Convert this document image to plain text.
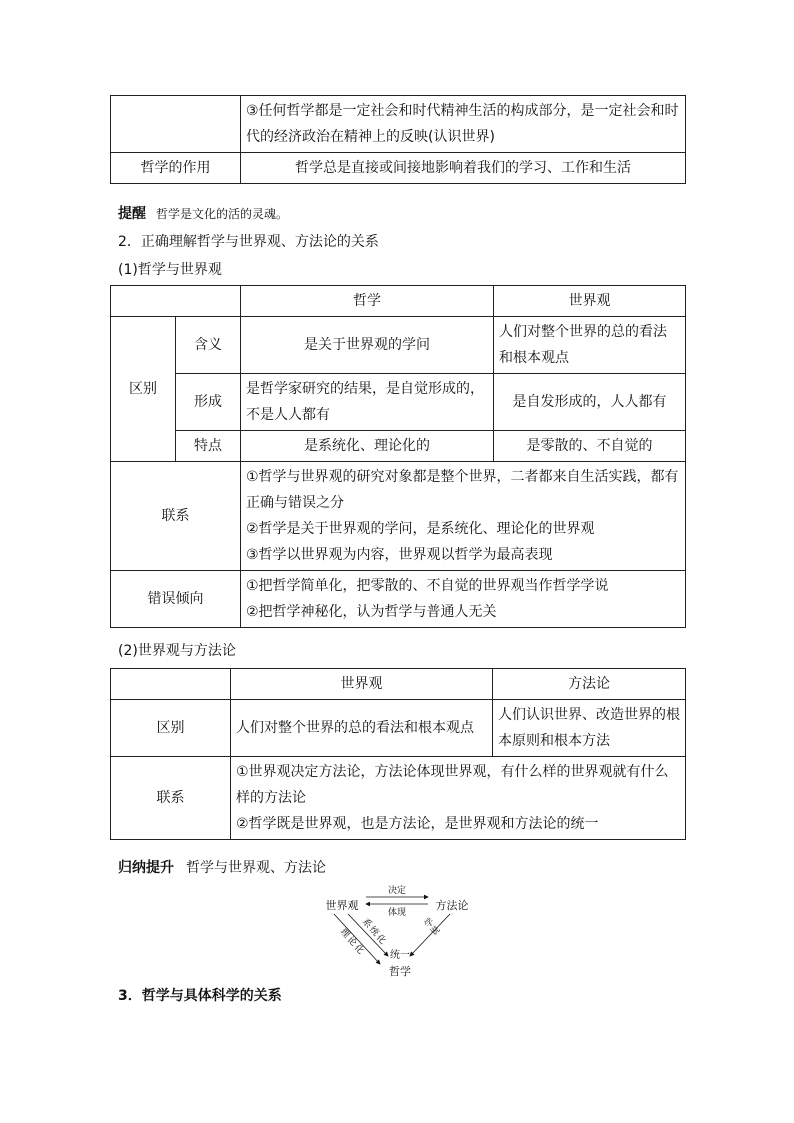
	③任何哲学都是一定社会和时代精神生活的构成部分，是一定社会和时代的经济政治在精神上的反映(认识世界)
哲学的作用	哲学总是直接或间接地影响着我们的学习、工作和生活
提醒 哲学是文化的活的灵魂。
2．正确理解哲学与世界观、方法论的关系
(1)哲学与世界观
		哲学	世界观
区别	含义	是关于世界观的学问	人们对整个世界的总的看法和根本观点
	形成	是哲学家研究的结果，是自觉形成的，不是人人都有	是自发形成的，人人都有
	特点	是系统化、理论化的	是零散的、不自觉的
联系		①哲学与世界观的研究对象都是整个世界，二者都来自生活实践，都有正确与错误之分
②哲学是关于世界观的学问，是系统化、理论化的世界观
③哲学以世界观为内容，世界观以哲学为最高表现	

错误倾向		①把哲学简单化，把零散的、不自觉的世界观当作哲学学说
②把哲学神秘化，认为哲学与普通人无关	
(2)世界观与方法论
	世界观	方法论
区别	人们对整个世界的总的看法和根本观点	人们认识世界、改造世界的根本原则和根本方法
联系	①世界观决定方法论，方法论体现世界观，有什么样的世界观就有什么样的方法论
②哲学既是世界观，也是方法论，是世界观和方法论的统一	
归纳提升 哲学与世界观、方法论
世界观	方法论
哲学
决定
体现
系
统
化
理
论
化
学
说
统一
3．哲学与具体科学的关系
